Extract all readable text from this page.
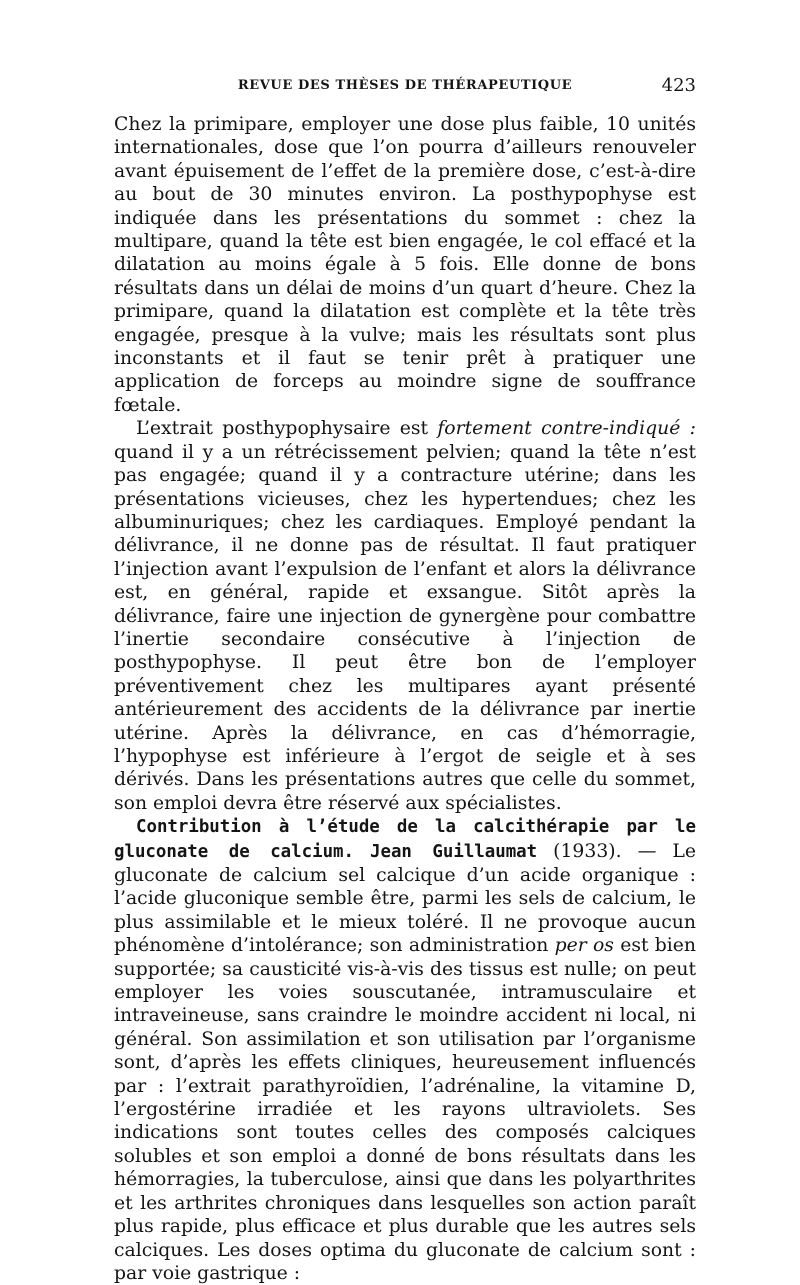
REVUE DES THÈSES DE THÉRAPEUTIQUE	423

Chez la primipare, employer une dose plus faible, 10 unités internationales, dose que l’on pourra d’ailleurs renouveler avant épuisement de l’effet de la première dose, c’est-à-dire au bout de 30 minutes environ. La posthypophyse est indiquée dans les présentations du sommet : chez la multipare, quand la tête est bien engagée, le col effacé et la dilatation au moins égale à 5 fois. Elle donne de bons résultats dans un délai de moins d’un quart d’heure. Chez la primipare, quand la dilatation est complète et la tête très engagée, presque à la vulve; mais les résultats sont plus inconstants et il faut se tenir prêt à pratiquer une application de forceps au moindre signe de souffrance fœtale.

L’extrait posthypophysaire est fortement contre-indiqué : quand il y a un rétrécissement pelvien; quand la tête n’est pas engagée; quand il y a contracture utérine; dans les présentations vicieuses, chez les hypertendues; chez les albuminuriques; chez les cardiaques. Employé pendant la délivrance, il ne donne pas de résultat. Il faut pratiquer l’injection avant l’expulsion de l’enfant et alors la délivrance est, en général, rapide et exsangue. Sitôt après la délivrance, faire une injection de gynergène pour combattre l’inertie secondaire consécutive à l’injection de posthypophyse. Il peut être bon de l’employer préventivement chez les multipares ayant présenté antérieurement des accidents de la délivrance par inertie utérine. Après la délivrance, en cas d’hémorragie, l’hypophyse est inférieure à l’ergot de seigle et à ses dérivés. Dans les présentations autres que celle du sommet, son emploi devra être réservé aux spécialistes.

Contribution à l’étude de la calcithérapie par le gluconate de calcium. Jean Guillaumat (1933). — Le gluconate de calcium sel calcique d’un acide organique : l’acide gluconique semble être, parmi les sels de calcium, le plus assimilable et le mieux toléré. Il ne provoque aucun phénomène d’intolérance; son administration per os est bien supportée; sa causticité vis-à-vis des tissus est nulle; on peut employer les voies souscutanée, intramusculaire et intraveineuse, sans craindre le moindre accident ni local, ni général. Son assimilation et son utilisation par l’organisme sont, d’après les effets cliniques, heureusement influencés par : l’extrait parathyroïdien, l’adrénaline, la vitamine D, l’ergostérine irradiée et les rayons ultraviolets. Ses indications sont toutes celles des composés calciques solubles et son emploi a donné de bons résultats dans les hémorragies, la tuberculose, ainsi que dans les polyarthrites et les arthrites chroniques dans lesquelles son action paraît plus rapide, plus efficace et plus durable que les autres sels calciques. Les doses optima du gluconate de calcium sont : par voie gastrique :
